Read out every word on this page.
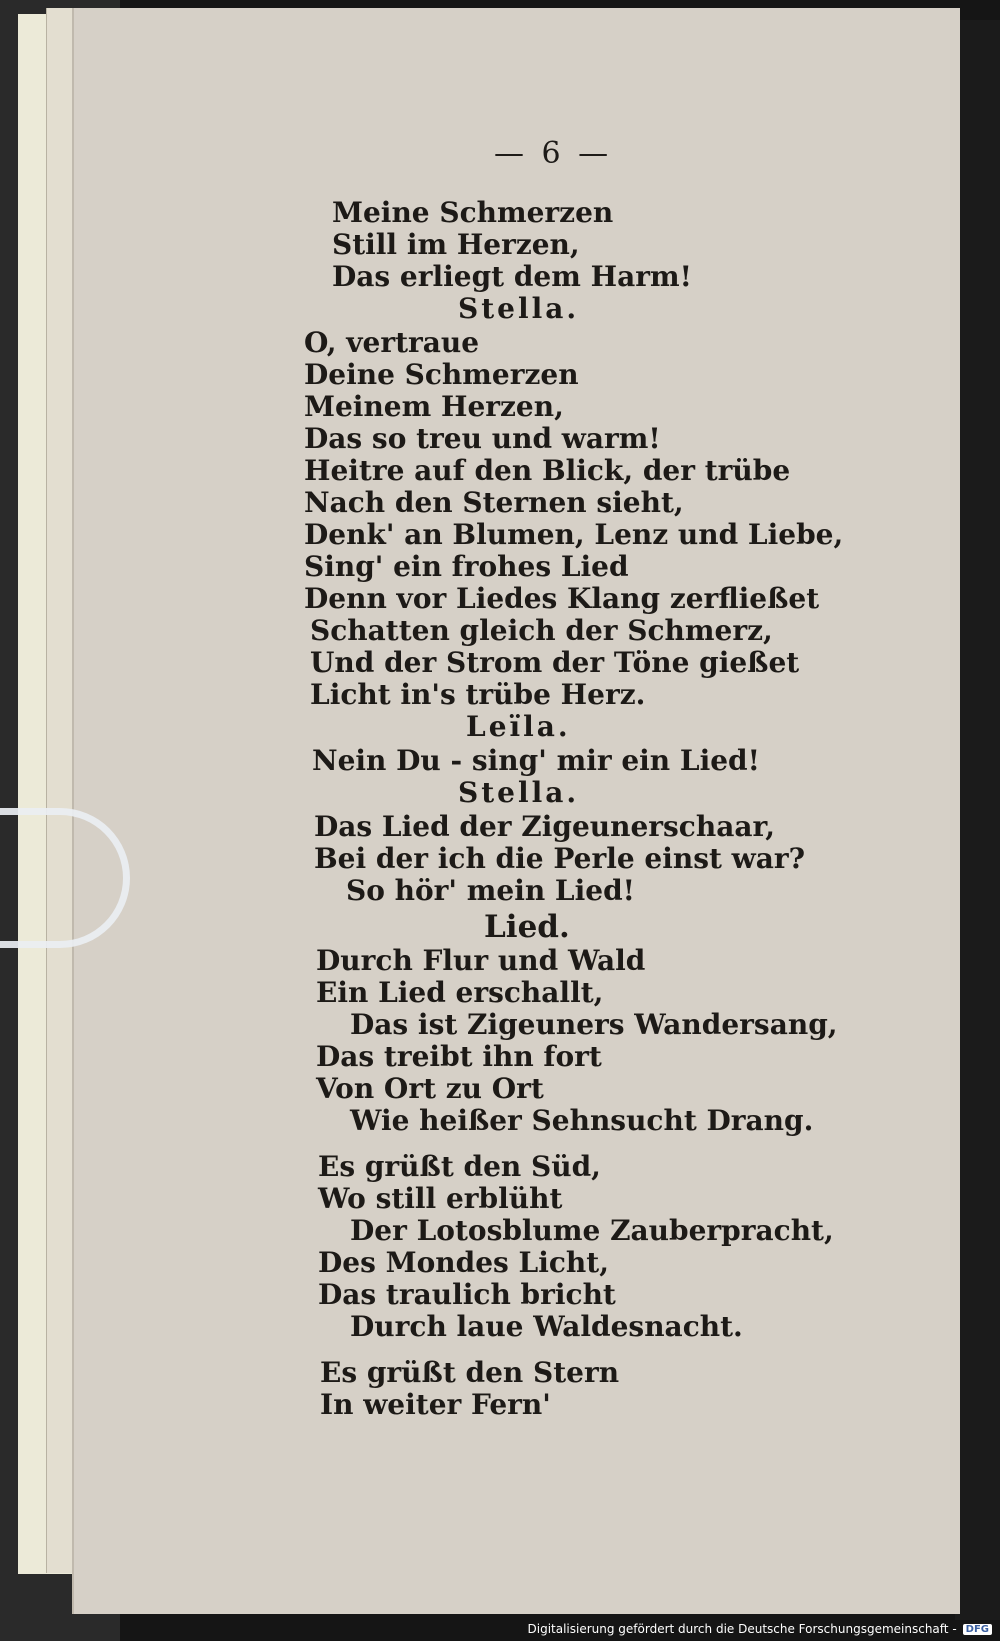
— 6 —
Meine Schmerzen
Still im Herzen,
Das erliegt dem Harm!
Stella.
O, vertraue
Deine Schmerzen
Meinem Herzen,
Das so treu und warm!
Heitre auf den Blick, der trübe
Nach den Sternen sieht,
Denk' an Blumen, Lenz und Liebe,
Sing' ein frohes Lied
Denn vor Liedes Klang zerfließet
Schatten gleich der Schmerz,
Und der Strom der Töne gießet
Licht in's trübe Herz.
Leïla.
Nein Du - sing' mir ein Lied!
Stella.
Das Lied der Zigeunerschaar,
Bei der ich die Perle einst war?
So hör' mein Lied!
Lied.
Durch Flur und Wald
Ein Lied erschallt,
Das ist Zigeuners Wandersang,
Das treibt ihn fort
Von Ort zu Ort
Wie heißer Sehnsucht Drang.
Es grüßt den Süd,
Wo still erblüht
Der Lotosblume Zauberpracht,
Des Mondes Licht,
Das traulich bricht
Durch laue Waldesnacht.
Es grüßt den Stern
In weiter Fern'
Digitalisierung gefördert durch die Deutsche Forschungsgemeinschaft - DFG
